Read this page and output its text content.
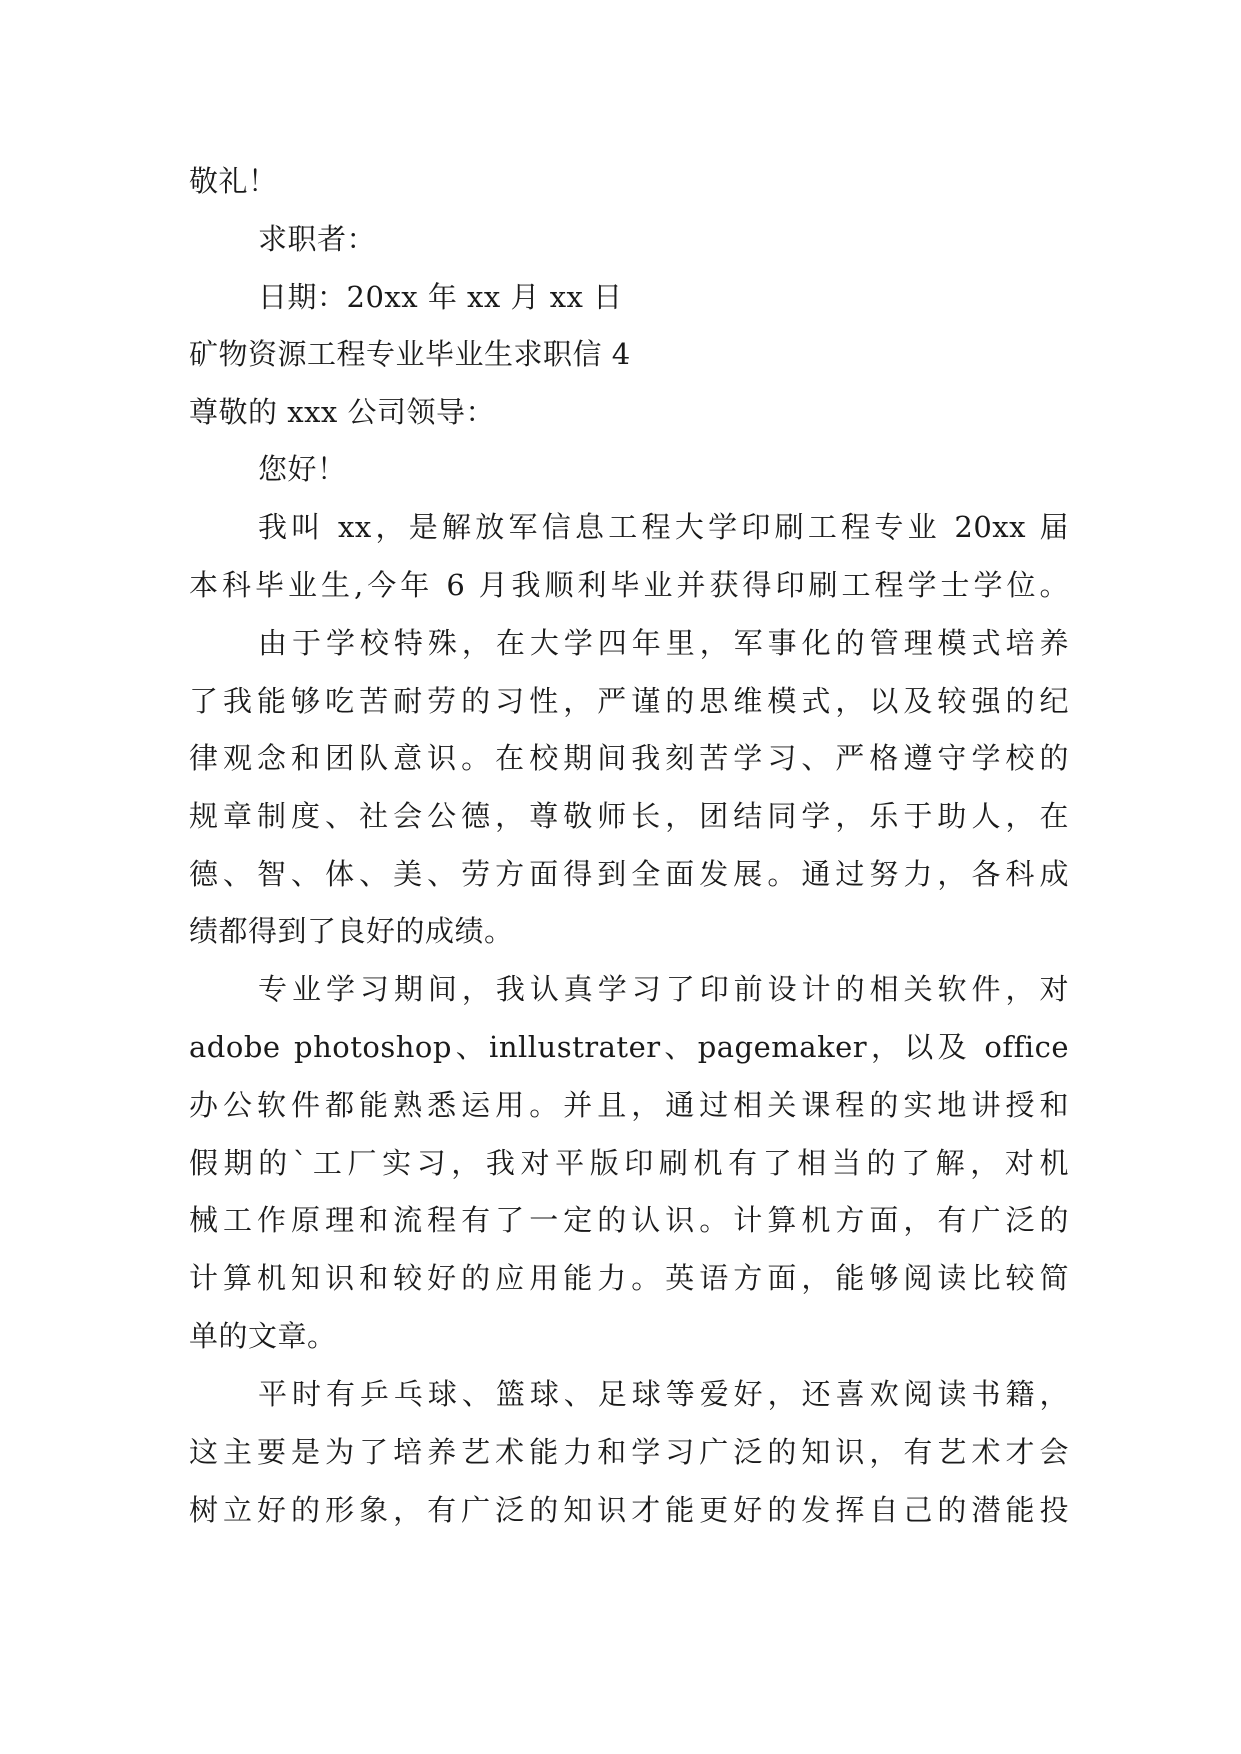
敬礼！
求职者：
日期：20xx 年 xx 月 xx 日
矿物资源工程专业毕业生求职信 4
尊敬的 xxx 公司领导：
您好！
我叫 xx，是解放军信息工程大学印刷工程专业 20xx 届
本科毕业生,今年 6 月我顺利毕业并获得印刷工程学士学位。
由于学校特殊，在大学四年里，军事化的管理模式培养
了我能够吃苦耐劳的习性，严谨的思维模式，以及较强的纪
律观念和团队意识。在校期间我刻苦学习、严格遵守学校的
规章制度、社会公德，尊敬师长，团结同学，乐于助人，在
德、智、体、美、劳方面得到全面发展。通过努力，各科成
绩都得到了良好的成绩。
专业学习期间，我认真学习了印前设计的相关软件，对
adobe photoshop、inllustrater、pagemaker，以及 office
办公软件都能熟悉运用。并且，通过相关课程的实地讲授和
假期的`工厂实习，我对平版印刷机有了相当的了解，对机
械工作原理和流程有了一定的认识。计算机方面，有广泛的
计算机知识和较好的应用能力。英语方面，能够阅读比较简
单的文章。
平时有乒乓球、篮球、足球等爱好，还喜欢阅读书籍，
这主要是为了培养艺术能力和学习广泛的知识，有艺术才会
树立好的形象，有广泛的知识才能更好的发挥自己的潜能投
